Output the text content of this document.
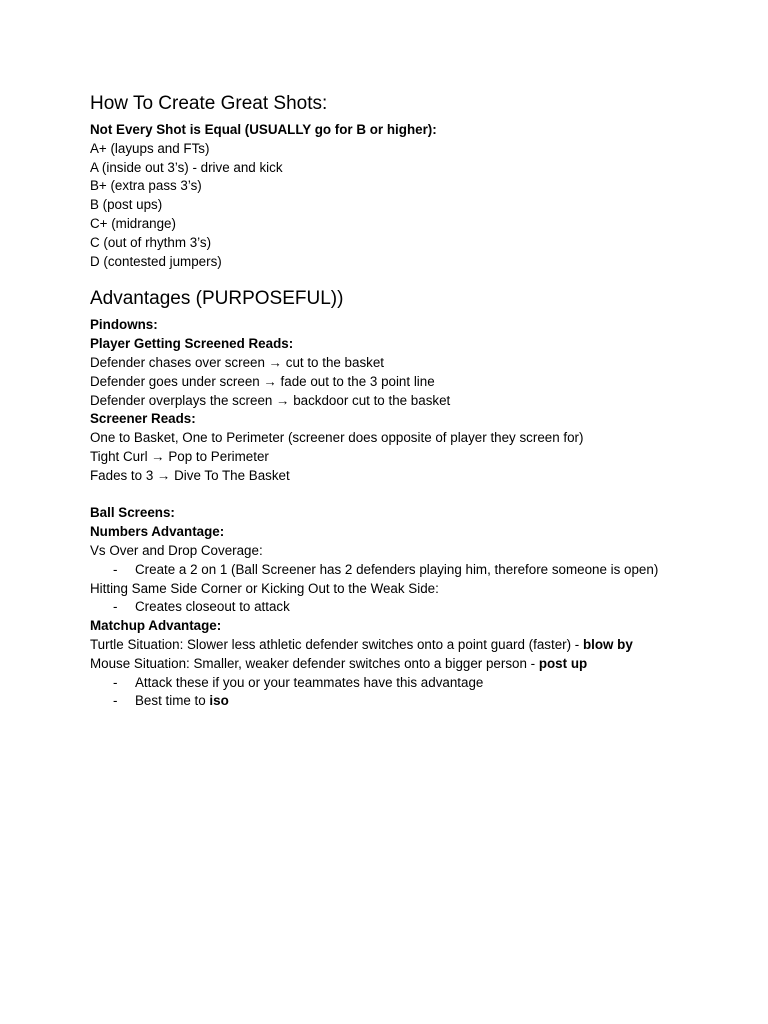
How To Create Great Shots:
Not Every Shot is Equal (USUALLY go for B or higher):
A+ (layups and FTs)
A (inside out 3’s) - drive and kick
B+ (extra pass 3’s)
B (post ups)
C+ (midrange)
C (out of rhythm 3’s)
D (contested jumpers)
Advantages (PURPOSEFUL))
Pindowns:
Player Getting Screened Reads:
Defender chases over screen → cut to the basket
Defender goes under screen → fade out to the 3 point line
Defender overplays the screen → backdoor cut to the basket
Screener Reads:
One to Basket, One to Perimeter (screener does opposite of player they screen for)
Tight Curl → Pop to Perimeter
Fades to 3 → Dive To The Basket
Ball Screens:
Numbers Advantage:
Vs Over and Drop Coverage:
- Create a 2 on 1 (Ball Screener has 2 defenders playing him, therefore someone is open)
Hitting Same Side Corner or Kicking Out to the Weak Side:
- Creates closeout to attack
Matchup Advantage:
Turtle Situation: Slower less athletic defender switches onto a point guard (faster) - blow by
Mouse Situation: Smaller, weaker defender switches onto a bigger person - post up
- Attack these if you or your teammates have this advantage
- Best time to iso
